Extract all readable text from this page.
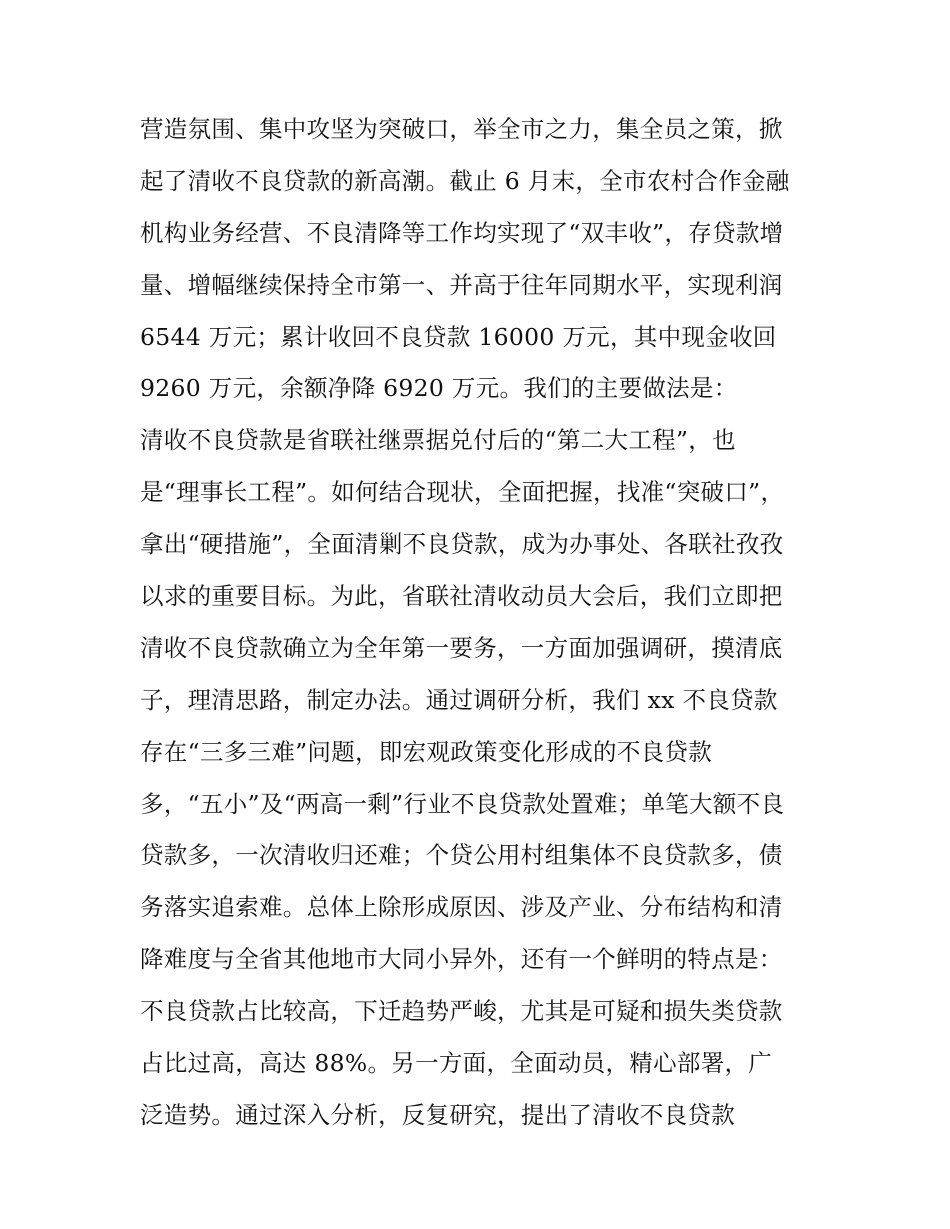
营造氛围、集中攻坚为突破口，举全市之力，集全员之策，掀
起了清收不良贷款的新高潮。截止 6 月末，全市农村合作金融
机构业务经营、不良清降等工作均实现了“双丰收”，存贷款增
量、增幅继续保持全市第一、并高于往年同期水平，实现利润
6544 万元；累计收回不良贷款 16000 万元，其中现金收回
9260 万元，余额净降 6920 万元。我们的主要做法是：
清收不良贷款是省联社继票据兑付后的“第二大工程”，也
是“理事长工程”。如何结合现状，全面把握，找准“突破口”，
拿出“硬措施”，全面清剿不良贷款，成为办事处、各联社孜孜
以求的重要目标。为此，省联社清收动员大会后，我们立即把
清收不良贷款确立为全年第一要务，一方面加强调研，摸清底
子，理清思路，制定办法。通过调研分析，我们 xx 不良贷款
存在“三多三难”问题，即宏观政策变化形成的不良贷款
多，“五小”及“两高一剩”行业不良贷款处置难；单笔大额不良
贷款多，一次清收归还难；个贷公用村组集体不良贷款多，债
务落实追索难。总体上除形成原因、涉及产业、分布结构和清
降难度与全省其他地市大同小异外，还有一个鲜明的特点是：
不良贷款占比较高，下迁趋势严峻，尤其是可疑和损失类贷款
占比过高，高达 88%。另一方面，全面动员，精心部署，广
泛造势。通过深入分析，反复研究，提出了清收不良贷款
